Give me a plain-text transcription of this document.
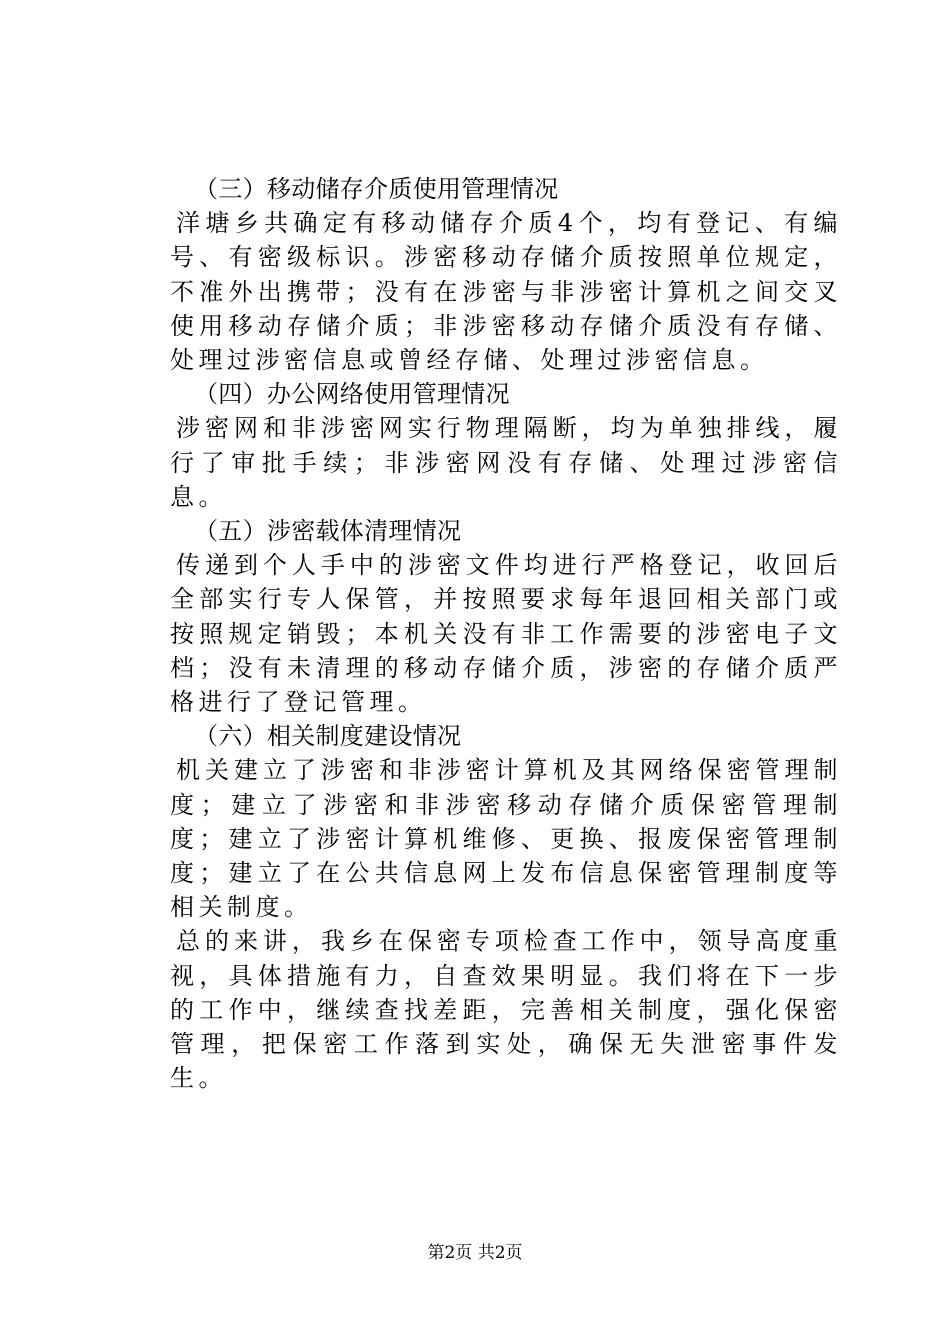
（三）移动储存介质使用管理情况

洋塘乡共确定有移动储存介质4个，均有登记、有编号、有密级标识。涉密移动存储介质按照单位规定，不准外出携带；没有在涉密与非涉密计算机之间交叉使用移动存储介质；非涉密移动存储介质没有存储、处理过涉密信息或曾经存储、处理过涉密信息。

（四）办公网络使用管理情况

涉密网和非涉密网实行物理隔断，均为单独排线，履行了审批手续；非涉密网没有存储、处理过涉密信息。

（五）涉密载体清理情况

传递到个人手中的涉密文件均进行严格登记，收回后全部实行专人保管，并按照要求每年退回相关部门或按照规定销毁；本机关没有非工作需要的涉密电子文档；没有未清理的移动存储介质，涉密的存储介质严格进行了登记管理。

（六）相关制度建设情况

机关建立了涉密和非涉密计算机及其网络保密管理制度；建立了涉密和非涉密移动存储介质保密管理制度；建立了涉密计算机维修、更换、报废保密管理制度；建立了在公共信息网上发布信息保密管理制度等相关制度。

总的来讲，我乡在保密专项检查工作中，领导高度重视，具体措施有力，自查效果明显。我们将在下一步的工作中，继续查找差距，完善相关制度，强化保密管理，把保密工作落到实处，确保无失泄密事件发生。

第2页 共2页
